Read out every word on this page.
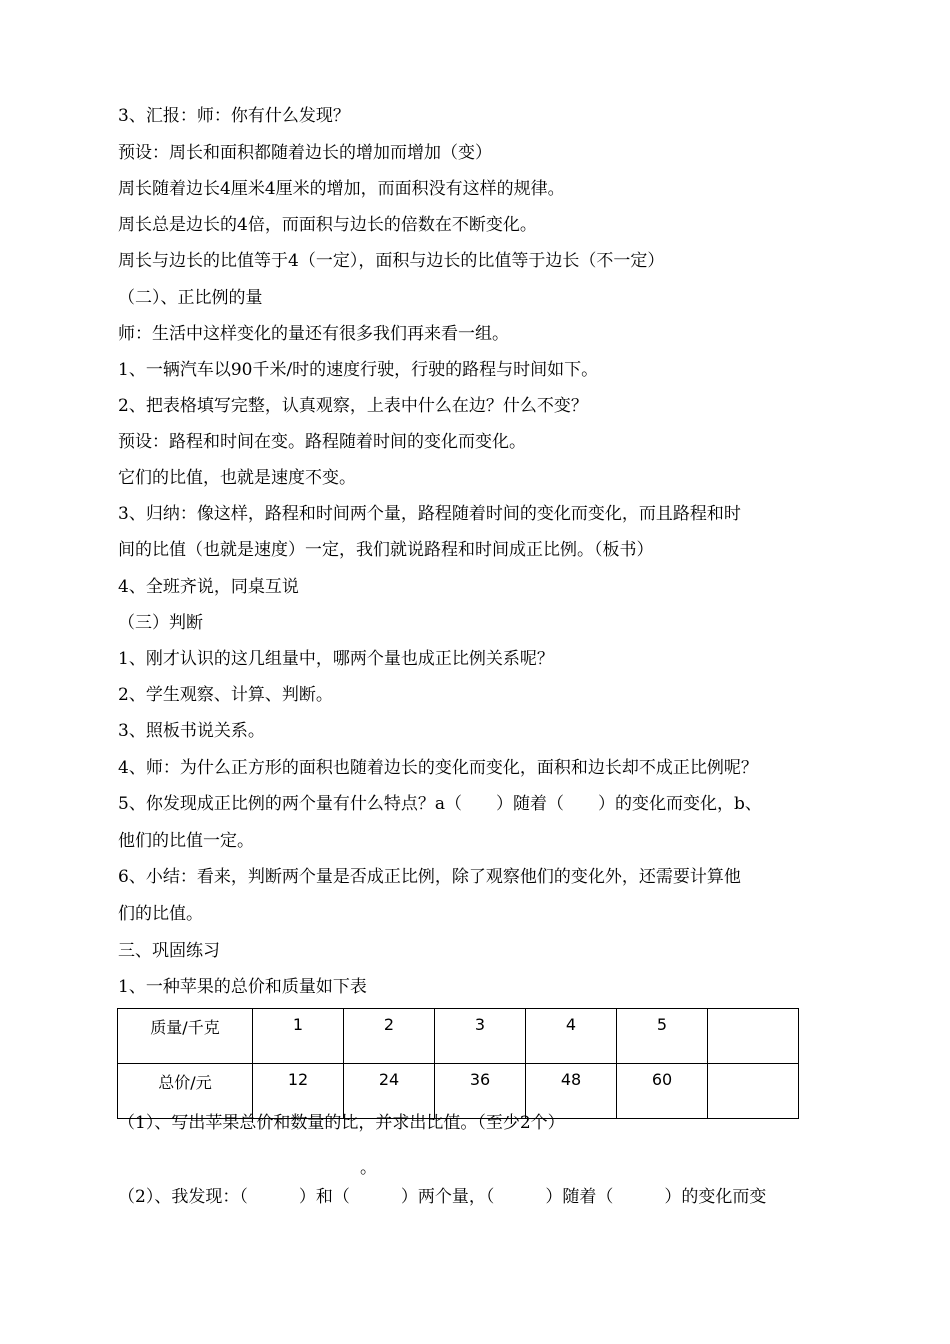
3、汇报：师：你有什么发现？
预设：周长和面积都随着边长的增加而增加（变）
周长随着边长4厘米4厘米的增加，而面积没有这样的规律。
周长总是边长的4倍，而面积与边长的倍数在不断变化。
周长与边长的比值等于4（一定），面积与边长的比值等于边长（不一定）
（二）、正比例的量
师：生活中这样变化的量还有很多我们再来看一组。
1、一辆汽车以90千米/时的速度行驶，行驶的路程与时间如下。
2、把表格填写完整，认真观察，上表中什么在边？什么不变？
预设：路程和时间在变。路程随着时间的变化而变化。
它们的比值，也就是速度不变。
3、归纳：像这样，路程和时间两个量，路程随着时间的变化而变化，而且路程和时
间的比值（也就是速度）一定，我们就说路程和时间成正比例。（板书）
4、全班齐说，同桌互说
（三）判断
1、刚才认识的这几组量中，哪两个量也成正比例关系呢？
2、学生观察、计算、判断。
3、照板书说关系。
4、师：为什么正方形的面积也随着边长的变化而变化，面积和边长却不成正比例呢？
5、你发现成正比例的两个量有什么特点？a（　　）随着（　　）的变化而变化，b、
他们的比值一定。
6、小结：看来，判断两个量是否成正比例，除了观察他们的变化外，还需要计算他
们的比值。
三、巩固练习
1、一种苹果的总价和质量如下表
质量/千克	1	2	3	4	5	
总价/元	12	24	36	48	60	
（1）、写出苹果总价和数量的比，并求出比值。（至少2个）
。
（2）、我发现：（　　　）和（　　　）两个量，（　　　）随着（　　　）的变化而变
